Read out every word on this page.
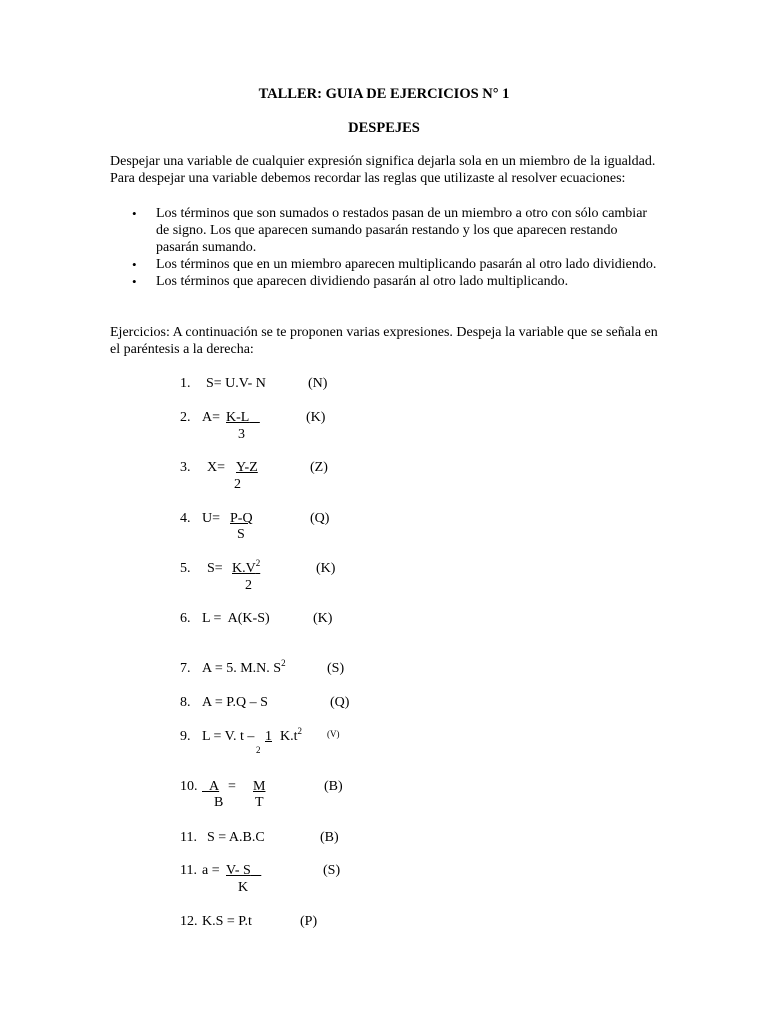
TALLER: GUIA DE EJERCICIOS N° 1
DESPEJES
Despejar una variable de cualquier expresión significa dejarla sola en un miembro de la igualdad. Para despejar una variable debemos recordar las reglas que utilizaste al resolver ecuaciones:
• Los términos que son sumados o restados pasan de un miembro a otro con sólo cambiar de signo. Los que aparecen sumando pasarán restando y los que aparecen restando pasarán sumando.
• Los términos que en un miembro aparecen multiplicando pasarán al otro lado dividiendo.
• Los términos que aparecen dividiendo pasarán al otro lado multiplicando.
Ejercicios: A continuación se te proponen varias expresiones. Despeja la variable que se señala en el paréntesis a la derecha:
1. S= U.V- N	(N)
2. A= K-L
3
(K)
3. X= Y-Z
2
(Z)
4. U= P-Q
S
(Q)
5. $S= K.V^2$
2
(K)
6. L =  A(K-S)	(K)
7. A = 5. M.N. $S^2$	(S)
8. A = P.Q – S	(Q)
9. L = V. t – 1
2
$K.t^2$	(V)
10. A =
B
M
T
(B)
11. S = A.B.C	(B)
11. a = V- S
K
(S)
12. K.S = P.t	(P)
